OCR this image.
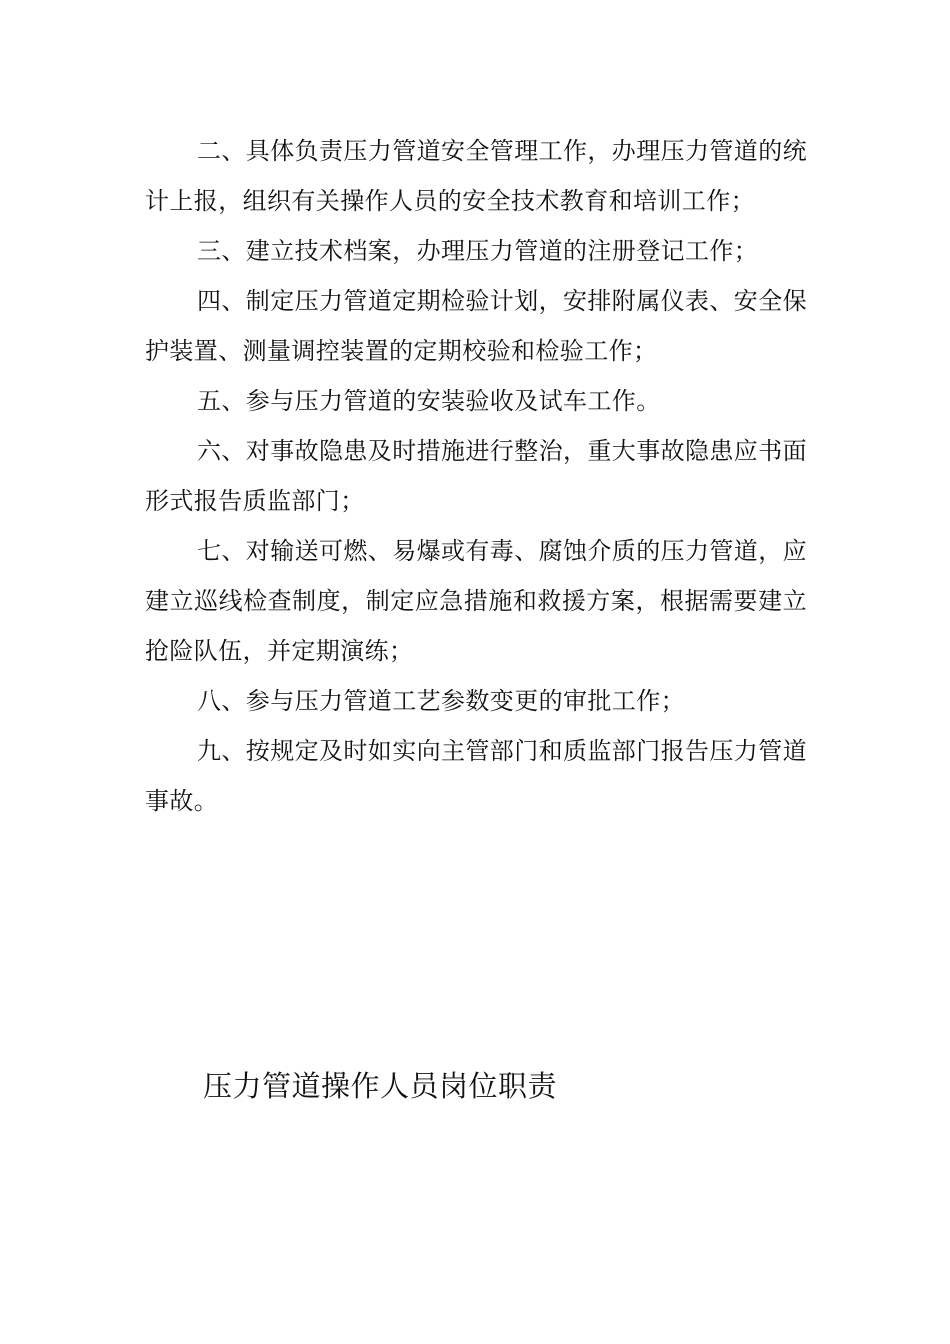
二、具体负责压力管道安全管理工作，办理压力管道的统计上报，组织有关操作人员的安全技术教育和培训工作；

三、建立技术档案，办理压力管道的注册登记工作；

四、制定压力管道定期检验计划，安排附属仪表、安全保护装置、测量调控装置的定期校验和检验工作；

五、参与压力管道的安装验收及试车工作。

六、对事故隐患及时措施进行整治，重大事故隐患应书面形式报告质监部门；

七、对输送可燃、易爆或有毒、腐蚀介质的压力管道，应建立巡线检查制度，制定应急措施和救援方案，根据需要建立抢险队伍，并定期演练；

八、参与压力管道工艺参数变更的审批工作；

九、按规定及时如实向主管部门和质监部门报告压力管道事故。

压力管道操作人员岗位职责
